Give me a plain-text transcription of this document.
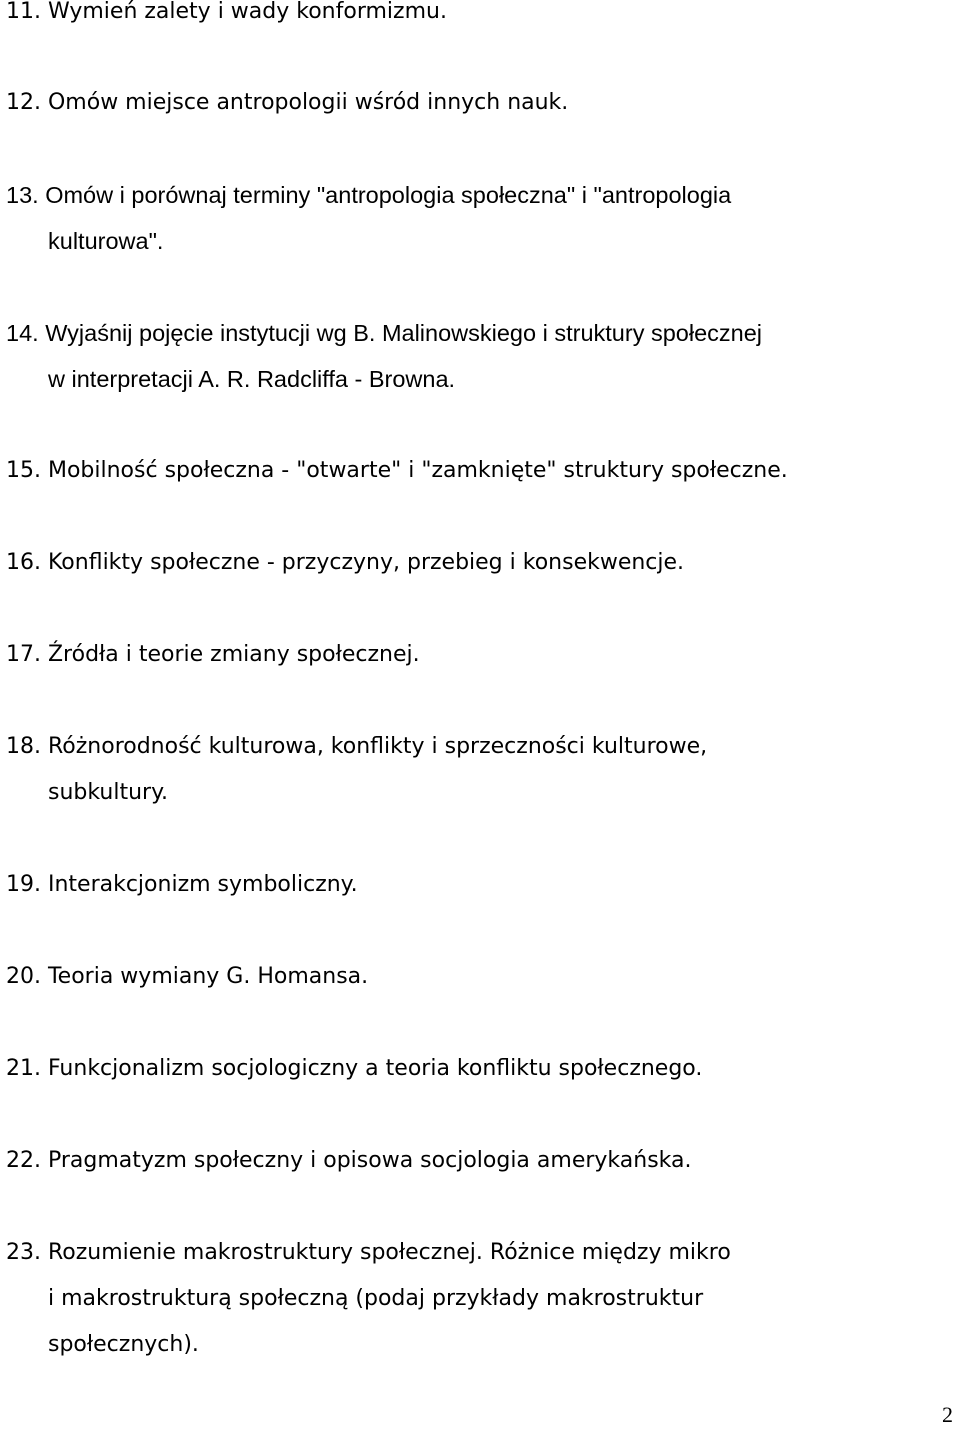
11. Wymień zalety i wady konformizmu.
12. Omów miejsce antropologii wśród innych nauk.
13. Omów i porównaj terminy "antropologia społeczna" i "antropologia
kulturowa".
14. Wyjaśnij pojęcie instytucji wg B. Malinowskiego i struktury społecznej
w interpretacji A. R. Radcliffa - Browna.
15. Mobilność społeczna - "otwarte" i "zamknięte" struktury społeczne.
16. Konflikty społeczne - przyczyny, przebieg i konsekwencje.
17. Źródła i teorie zmiany społecznej.
18. Różnorodność kulturowa, konflikty i sprzeczności kulturowe,
subkultury.
19. Interakcjonizm symboliczny.
20. Teoria wymiany G. Homansa.
21. Funkcjonalizm socjologiczny a teoria konfliktu społecznego.
22. Pragmatyzm społeczny i opisowa socjologia amerykańska.
23. Rozumienie makrostruktury społecznej. Różnice między mikro
i makrostrukturą społeczną (podaj przykłady makrostruktur
społecznych).
2
